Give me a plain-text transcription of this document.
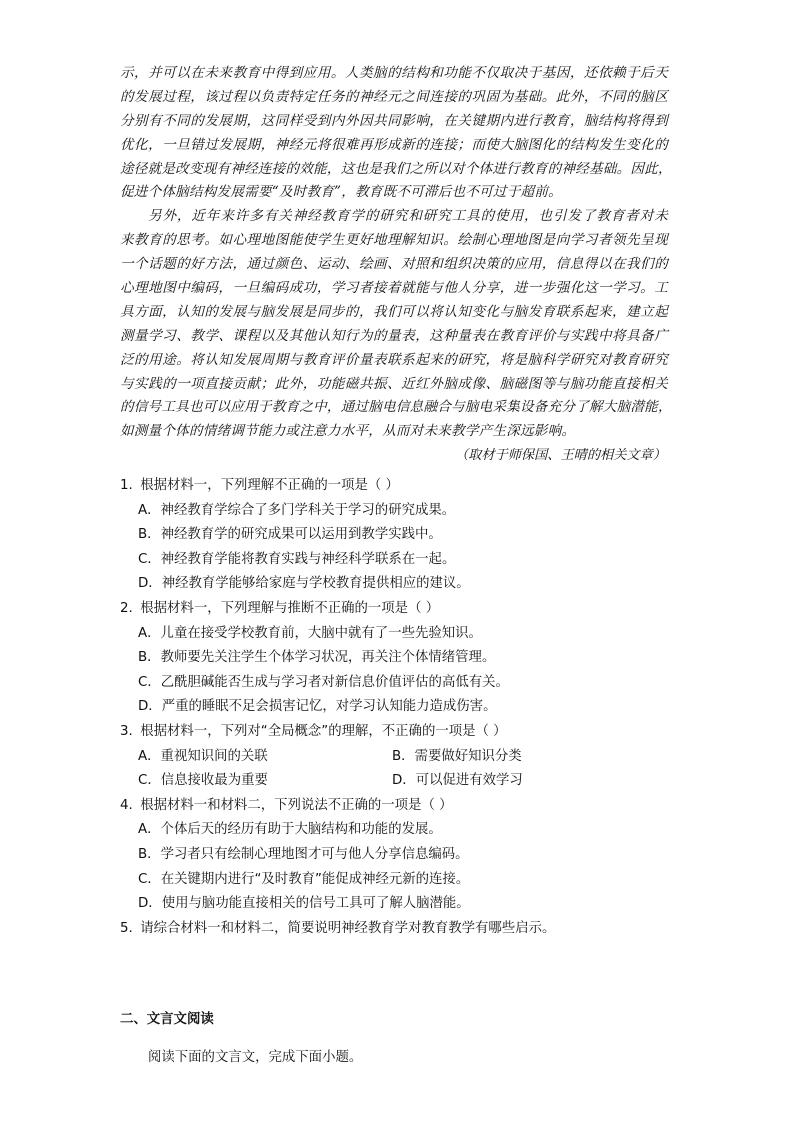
示，并可以在未来教育中得到应用。人类脑的结构和功能不仅取决于基因，还依赖于后天
的发展过程，该过程以负责特定任务的神经元之间连接的巩固为基础。此外，不同的脑区
分别有不同的发展期，这同样受到内外因共同影响，在关键期内进行教育，脑结构将得到
优化，一旦错过发展期，神经元将很难再形成新的连接；而使大脑图化的结构发生变化的
途径就是改变现有神经连接的效能，这也是我们之所以对个体进行教育的神经基础。因此，
促进个体脑结构发展需要“及时教育”，教育既不可滞后也不可过于超前。
另外，近年来许多有关神经教育学的研究和研究工具的使用，也引发了教育者对未
来教育的思考。如心理地图能使学生更好地理解知识。绘制心理地图是向学习者领先呈现
一个话题的好方法，通过颜色、运动、绘画、对照和组织决策的应用，信息得以在我们的
心理地图中编码，一旦编码成功，学习者接着就能与他人分享，进一步强化这一学习。工
具方面，认知的发展与脑发展是同步的，我们可以将认知变化与脑发育联系起来，建立起
测量学习、教学、课程以及其他认知行为的量表，这种量表在教育评价与实践中将具备广
泛的用途。将认知发展周期与教育评价量表联系起来的研究，将是脑科学研究对教育研究
与实践的一项直接贡献；此外，功能磁共振、近红外脑成像、脑磁图等与脑功能直接相关
的信号工具也可以应用于教育之中，通过脑电信息融合与脑电采集设备充分了解大脑潜能，
如测量个体的情绪调节能力或注意力水平，从而对未来教学产生深远影响。
（取材于师保国、王晴的相关文章）
1. 根据材料一，下列理解不正确的一项是（ ）
A．神经教育学综合了多门学科关于学习的研究成果。
B．神经教育学的研究成果可以运用到教学实践中。
C．神经教育学能将教育实践与神经科学联系在一起。
D．神经教育学能够给家庭与学校教育提供相应的建议。
2. 根据材料一，下列理解与推断不正确的一项是（ ）
A．儿童在接受学校教育前，大脑中就有了一些先验知识。
B．教师要先关注学生个体学习状况，再关注个体情绪管理。
C．乙酰胆碱能否生成与学习者对新信息价值评估的高低有关。
D．严重的睡眠不足会损害记忆，对学习认知能力造成伤害。
3. 根据材料一，下列对“全局概念”的理解，不正确的一项是（ ）
A．重视知识间的关联	B．需要做好知识分类
C．信息接收最为重要	D．可以促进有效学习
4. 根据材料一和材料二，下列说法不正确的一项是（ ）
A．个体后天的经历有助于大脑结构和功能的发展。
B．学习者只有绘制心理地图才可与他人分享信息编码。
C．在关键期内进行“及时教育”能促成神经元新的连接。
D．使用与脑功能直接相关的信号工具可了解人脑潜能。
5. 请综合材料一和材料二，简要说明神经教育学对教育教学有哪些启示。
二、文言文阅读
阅读下面的文言文，完成下面小题。
